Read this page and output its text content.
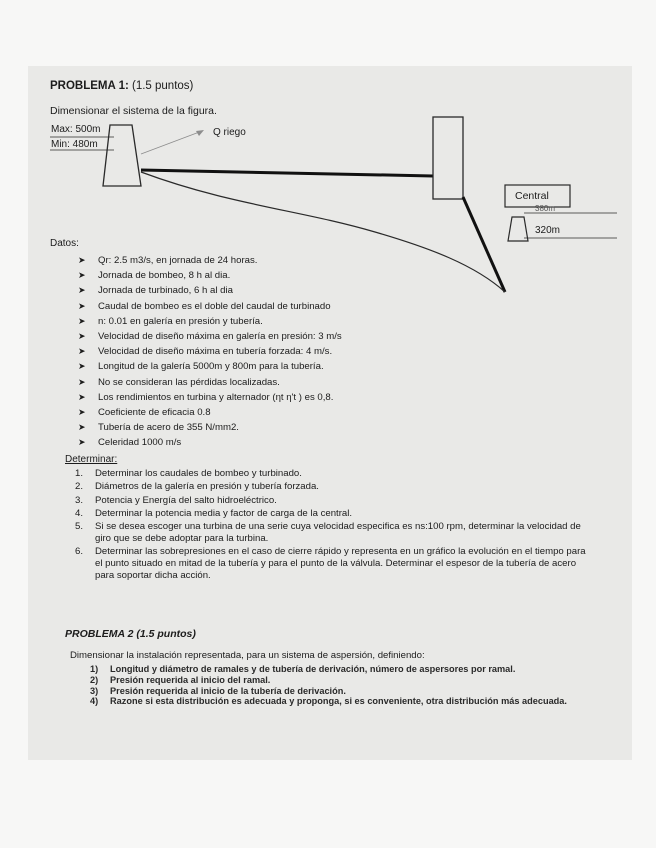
PROBLEMA 1: (1.5 puntos)
Dimensionar el sistema de la figura.
Max: 500m
Min: 480m
Q riego
Central
380m
320m
Datos:
➤ Qr: 2.5 m3/s, en jornada de 24 horas.
➤ Jornada de bombeo, 8 h al dia.
➤ Jornada de turbinado, 6 h al dia
➤ Caudal de bombeo es el doble del caudal de turbinado
➤ n: 0.01 en galería en presión y tubería.
➤ Velocidad de diseño máxima en galería en presión: 3 m/s
➤ Velocidad de diseño máxima en tubería forzada: 4 m/s.
➤ Longitud de la galería 5000m y 800m para la tubería.
➤ No se consideran las pérdidas localizadas.
➤ Los rendimientos en turbina y alternador (ηt η't ) es 0,8.
➤ Coeficiente de eficacia 0.8
➤ Tubería de acero de 355 N/mm2.
➤ Celeridad 1000 m/s
Determinar:
1. Determinar los caudales de bombeo y turbinado.
2. Diámetros de la galería en presión y tubería forzada.
3. Potencia y Energía del salto hidroeléctrico.
4. Determinar la potencia media y factor de carga de la central.
5. Si se desea escoger una turbina de una serie cuya velocidad especifica es ns:100 rpm, determinar la velocidad de giro que se debe adoptar para la turbina.
6. Determinar las sobrepresiones en el caso de cierre rápido y representa en un gráfico la evolución en el tiempo para el punto situado en mitad de la tubería y para el punto de la válvula. Determinar el espesor de la tubería de acero para soportar dicha acción.
PROBLEMA 2 (1.5 puntos)
Dimensionar la instalación representada, para un sistema de aspersión, definiendo:
1) Longitud y diámetro de ramales y de tubería de derivación, número de aspersores por ramal.
2) Presión requerida al inicio del ramal.
3) Presión requerida al inicio de la tubería de derivación.
4) Razone si esta distribución es adecuada y proponga, si es conveniente, otra distribución más adecuada.
